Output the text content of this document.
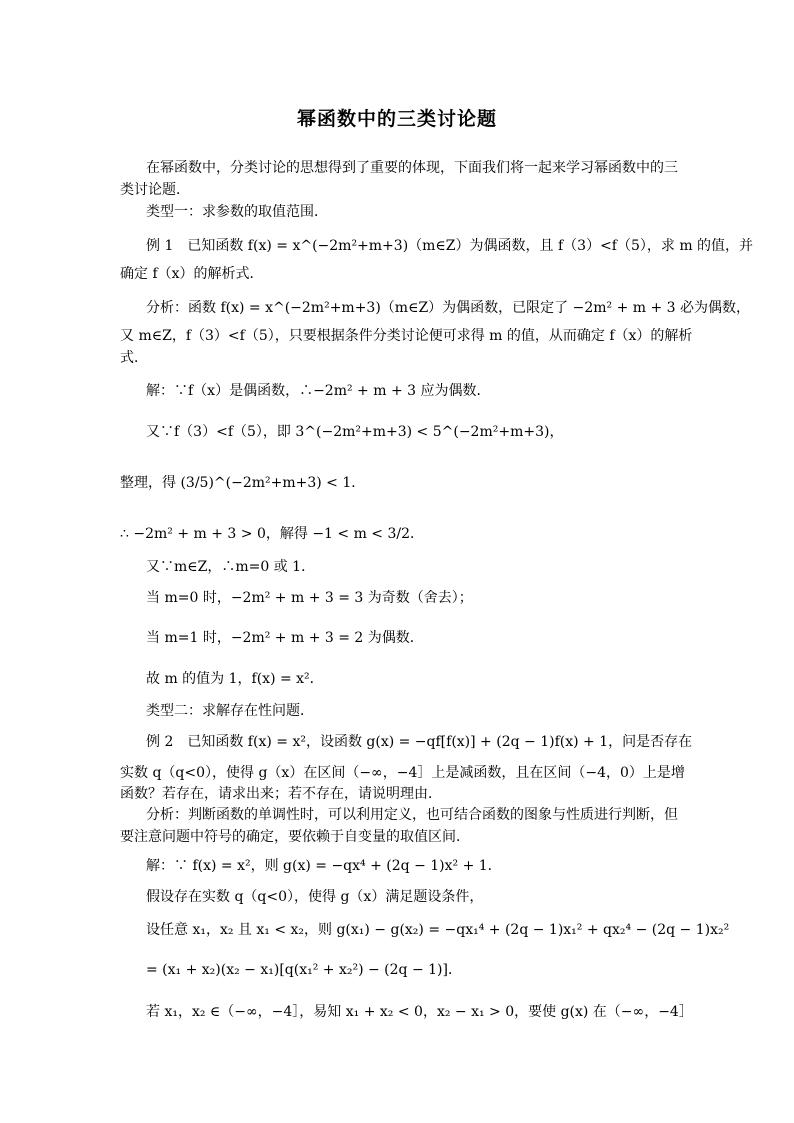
幂函数中的三类讨论题
在幂函数中，分类讨论的思想得到了重要的体现，下面我们将一起来学习幂函数中的三
类讨论题．
类型一：求参数的取值范围．
例 1　已知函数 f(x) = x^(−2m²+m+3)（m∈Z）为偶函数，且 f（3）<f（5），求 m 的值，并
确定 f（x）的解析式．
分析：函数 f(x) = x^(−2m²+m+3)（m∈Z）为偶函数，已限定了 −2m² + m + 3 必为偶数，
又 m∈Z，f（3）<f（5），只要根据条件分类讨论便可求得 m 的值，从而确定 f（x）的解析
式．
解：∵f（x）是偶函数，∴−2m² + m + 3 应为偶数．
又∵f（3）<f（5），即 3^(−2m²+m+3) < 5^(−2m²+m+3)，
整理，得 (3/5)^(−2m²+m+3) < 1．
∴ −2m² + m + 3 > 0，解得 −1 < m < 3/2．
又∵m∈Z，∴m=0 或 1．
当 m=0 时，−2m² + m + 3 = 3 为奇数（舍去）；
当 m=1 时，−2m² + m + 3 = 2 为偶数．
故 m 的值为 1，f(x) = x²．
类型二：求解存在性问题．
例 2　已知函数 f(x) = x²，设函数 g(x) = −qf[f(x)] + (2q − 1)f(x) + 1，问是否存在
实数 q（q<0），使得 g（x）在区间（−∞，−4］上是减函数，且在区间（−4，0）上是增
函数？若存在，请求出来；若不存在，请说明理由．
分析：判断函数的单调性时，可以利用定义，也可结合函数的图象与性质进行判断，但
要注意问题中符号的确定，要依赖于自变量的取值区间．
解：∵ f(x) = x²，则 g(x) = −qx⁴ + (2q − 1)x² + 1．
假设存在实数 q（q<0），使得 g（x）满足题设条件，
设任意 x₁，x₂ 且 x₁ < x₂，则 g(x₁) − g(x₂) = −qx₁⁴ + (2q − 1)x₁² + qx₂⁴ − (2q − 1)x₂²
= (x₁ + x₂)(x₂ − x₁)[q(x₁² + x₂²) − (2q − 1)]．
若 x₁，x₂ ∈（−∞，−4］，易知 x₁ + x₂ < 0，x₂ − x₁ > 0，要使 g(x) 在（−∞，−4］
